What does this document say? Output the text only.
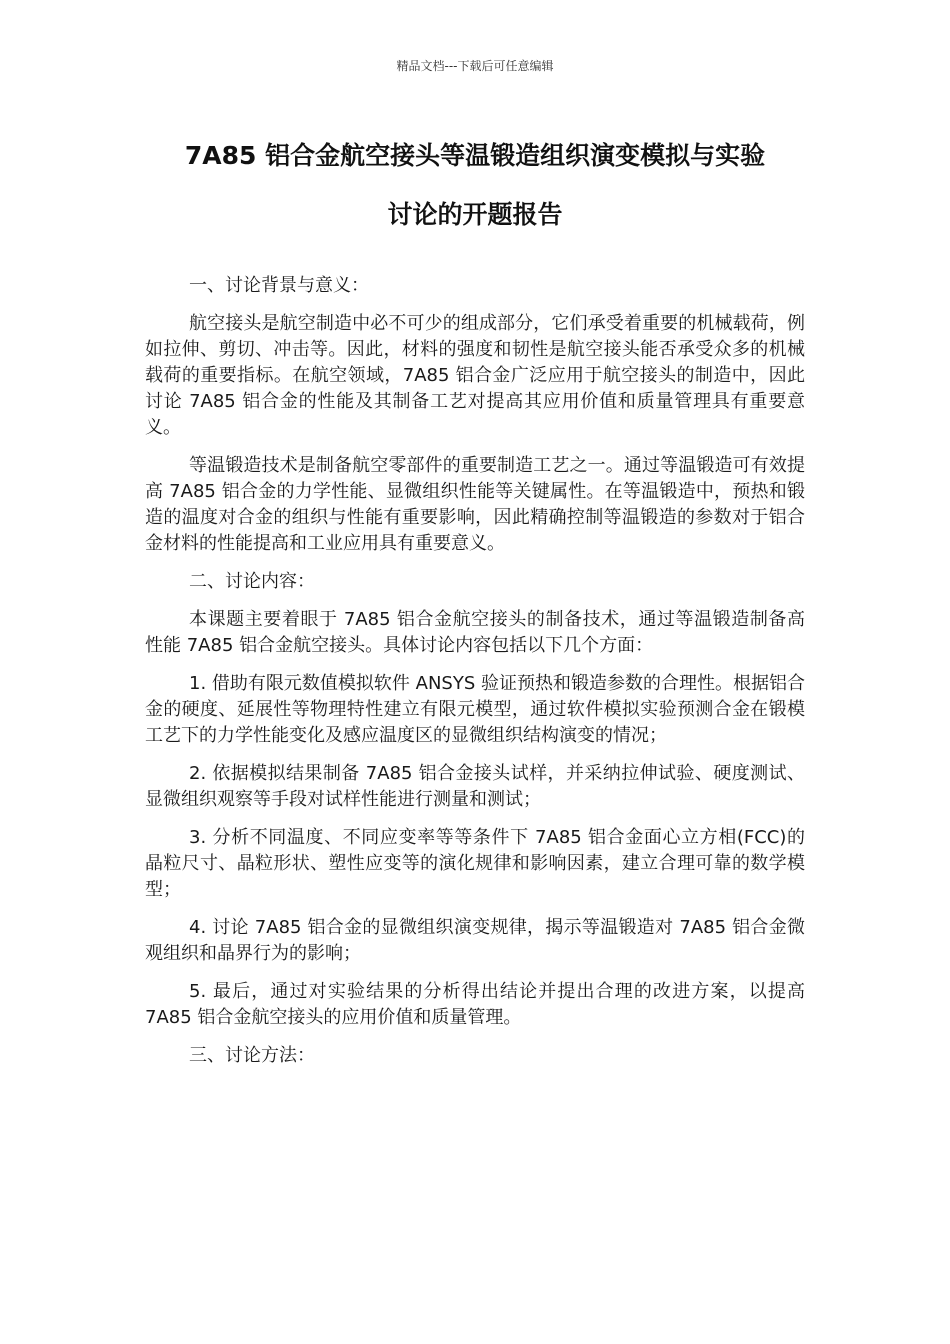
精品文档---下载后可任意编辑
7A85 铝合金航空接头等温锻造组织演变模拟与实验
讨论的开题报告

一、讨论背景与意义：

航空接头是航空制造中必不可少的组成部分，它们承受着重要的机械载荷，例如拉伸、剪切、冲击等。因此，材料的强度和韧性是航空接头能否承受众多的机械载荷的重要指标。在航空领域，7A85 铝合金广泛应用于航空接头的制造中，因此讨论 7A85 铝合金的性能及其制备工艺对提高其应用价值和质量管理具有重要意义。

等温锻造技术是制备航空零部件的重要制造工艺之一。通过等温锻造可有效提高 7A85 铝合金的力学性能、显微组织性能等关键属性。在等温锻造中，预热和锻造的温度对合金的组织与性能有重要影响，因此精确控制等温锻造的参数对于铝合金材料的性能提高和工业应用具有重要意义。

二、讨论内容：

本课题主要着眼于 7A85 铝合金航空接头的制备技术，通过等温锻造制备高性能 7A85 铝合金航空接头。具体讨论内容包括以下几个方面：

1. 借助有限元数值模拟软件 ANSYS 验证预热和锻造参数的合理性。根据铝合金的硬度、延展性等物理特性建立有限元模型，通过软件模拟实验预测合金在锻模工艺下的力学性能变化及感应温度区的显微组织结构演变的情况；

2. 依据模拟结果制备 7A85 铝合金接头试样，并采纳拉伸试验、硬度测试、显微组织观察等手段对试样性能进行测量和测试；

3. 分析不同温度、不同应变率等等条件下 7A85 铝合金面心立方相(FCC)的晶粒尺寸、晶粒形状、塑性应变等的演化规律和影响因素，建立合理可靠的数学模型；

4. 讨论 7A85 铝合金的显微组织演变规律，揭示等温锻造对 7A85 铝合金微观组织和晶界行为的影响；

5. 最后，通过对实验结果的分析得出结论并提出合理的改进方案，以提高 7A85 铝合金航空接头的应用价值和质量管理。

三、讨论方法：
